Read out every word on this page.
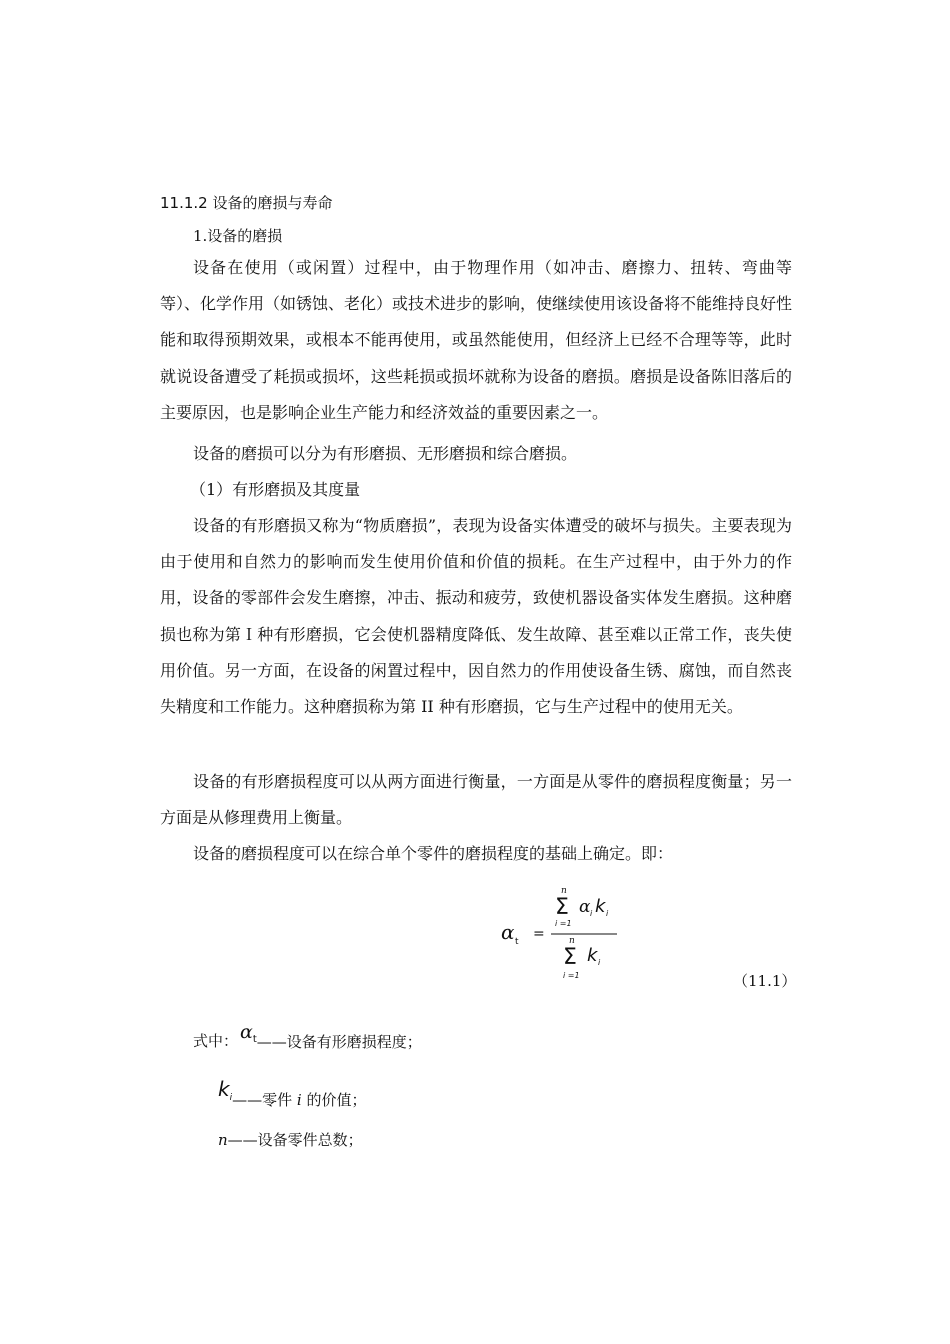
11.1.2 设备的磨损与寿命
1.设备的磨损
设备在使用（或闲置）过程中，由于物理作用（如冲击、磨擦力、扭转、弯曲等等）、化学作用（如锈蚀、老化）或技术进步的影响，使继续使用该设备将不能维持良好性能和取得预期效果，或根本不能再使用，或虽然能使用，但经济上已经不合理等等，此时就说设备遭受了耗损或损坏，这些耗损或损坏就称为设备的磨损。磨损是设备陈旧落后的主要原因，也是影响企业生产能力和经济效益的重要因素之一。
设备的磨损可以分为有形磨损、无形磨损和综合磨损。
（1）有形磨损及其度量
设备的有形磨损又称为“物质磨损”，表现为设备实体遭受的破坏与损失。主要表现为由于使用和自然力的影响而发生使用价值和价值的损耗。在生产过程中，由于外力的作用，设备的零部件会发生磨擦，冲击、振动和疲劳，致使机器设备实体发生磨损。这种磨损也称为第Ｉ种有形磨损，它会使机器精度降低、发生故障、甚至难以正常工作，丧失使用价值。另一方面，在设备的闲置过程中，因自然力的作用使设备生锈、腐蚀，而自然丧失精度和工作能力。这种磨损称为第 II 种有形磨损，它与生产过程中的使用无关。
设备的有形磨损程度可以从两方面进行衡量，一方面是从零件的磨损程度衡量；另一方面是从修理费用上衡量。
设备的磨损程度可以在综合单个零件的磨损程度的基础上确定。即：
α t =
n
Σ
i =1
α i k i
n
Σ
i =1
k i
（11.1）
式中： $\alpha_t——$设备有形磨损程度；
$k_i——$零件 i 的价值；
n——设备零件总数；
